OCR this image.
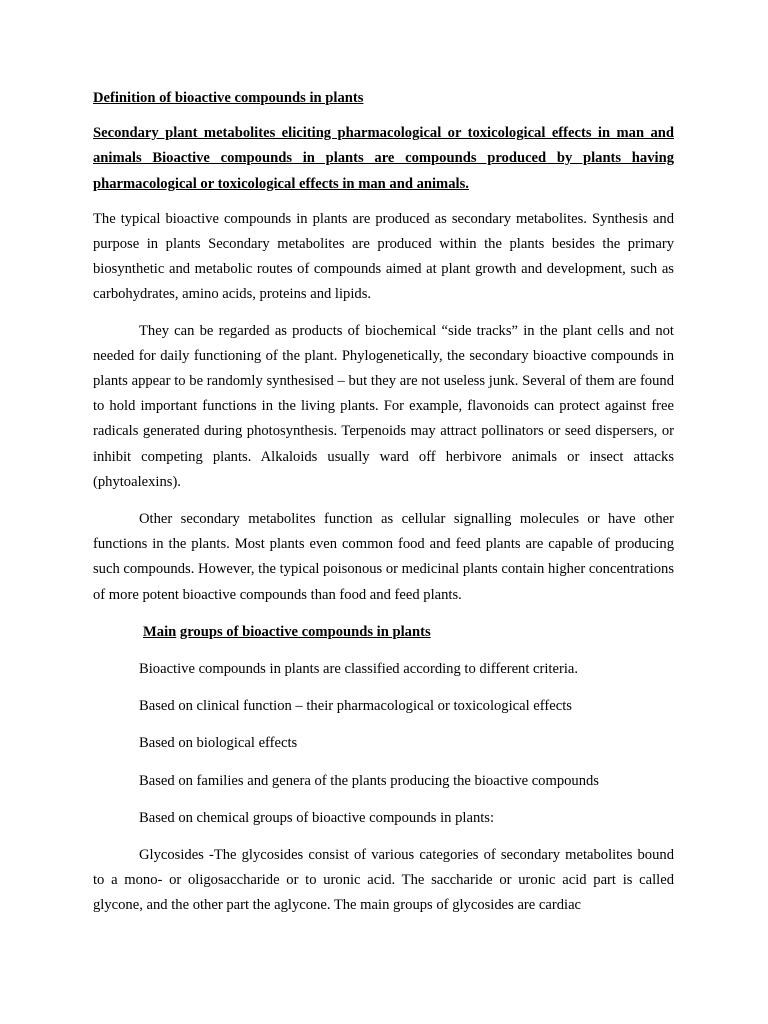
Definition of bioactive compounds in plants

Secondary plant metabolites eliciting pharmacological or toxicological effects in man and animals Bioactive compounds in plants are compounds produced by plants having pharmacological or toxicological effects in man and animals.

The typical bioactive compounds in plants are produced as secondary metabolites. Synthesis and purpose in plants Secondary metabolites are produced within the plants besides the primary biosynthetic and metabolic routes of compounds aimed at plant growth and development, such as carbohydrates, amino acids, proteins and lipids.

They can be regarded as products of biochemical “side tracks” in the plant cells and not needed for daily functioning of the plant. Phylogenetically, the secondary bioactive compounds in plants appear to be randomly synthesised – but they are not useless junk. Several of them are found to hold important functions in the living plants. For example, flavonoids can protect against free radicals generated during photosynthesis. Terpenoids may attract pollinators or seed dispersers, or inhibit competing plants. Alkaloids usually ward off herbivore animals or insect attacks (phytoalexins).

Other secondary metabolites function as cellular signalling molecules or have other functions in the plants. Most plants even common food and feed plants are capable of producing such compounds. However, the typical poisonous or medicinal plants contain higher concentrations of more potent bioactive compounds than food and feed plants.

Main groups of bioactive compounds in plants

Bioactive compounds in plants are classified according to different criteria.

Based on clinical function – their pharmacological or toxicological effects

Based on biological effects

Based on families and genera of the plants producing the bioactive compounds

Based on chemical groups of bioactive compounds in plants:

Glycosides -The glycosides consist of various categories of secondary metabolites bound to a mono- or oligosaccharide or to uronic acid. The saccharide or uronic acid part is called glycone, and the other part the aglycone. The main groups of glycosides are cardiac
